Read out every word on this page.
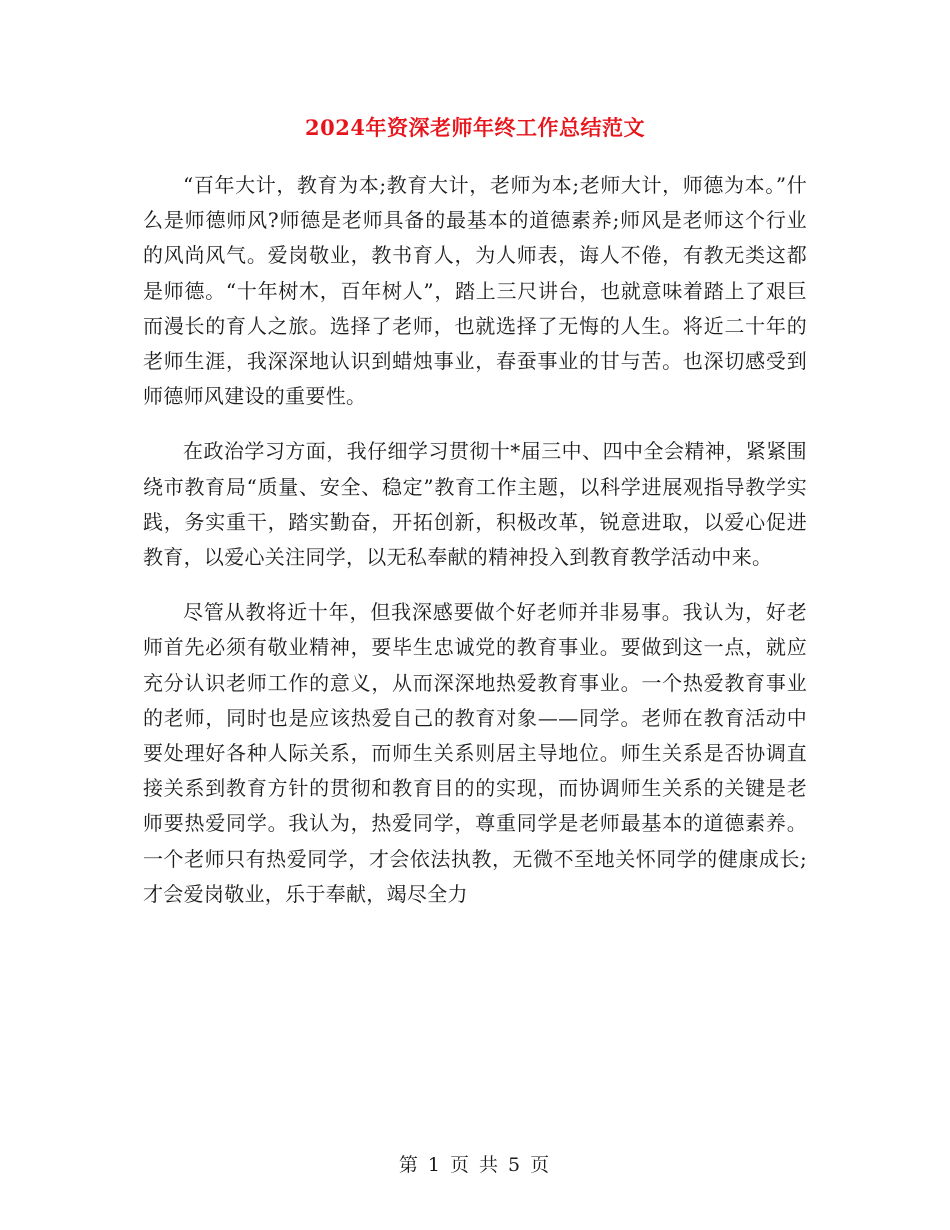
2024年资深老师年终工作总结范文

“百年大计，教育为本;教育大计，老师为本;老师大计，师德为本。”什么是师德师风?师德是老师具备的最基本的道德素养;师风是老师这个行业的风尚风气。爱岗敬业，教书育人，为人师表，诲人不倦，有教无类这都是师德。“十年树木，百年树人”，踏上三尺讲台，也就意味着踏上了艰巨而漫长的育人之旅。选择了老师，也就选择了无悔的人生。将近二十年的老师生涯，我深深地认识到蜡烛事业，春蚕事业的甘与苦。也深切感受到师德师风建设的重要性。

在政治学习方面，我仔细学习贯彻十*届三中、四中全会精神，紧紧围绕市教育局“质量、安全、稳定”教育工作主题，以科学进展观指导教学实践，务实重干，踏实勤奋，开拓创新，积极改革，锐意进取，以爱心促进教育，以爱心关注同学，以无私奉献的精神投入到教育教学活动中来。

尽管从教将近十年，但我深感要做个好老师并非易事。我认为，好老师首先必须有敬业精神，要毕生忠诚党的教育事业。要做到这一点，就应充分认识老师工作的意义，从而深深地热爱教育事业。一个热爱教育事业的老师，同时也是应该热爱自己的教育对象——同学。老师在教育活动中要处理好各种人际关系，而师生关系则居主导地位。师生关系是否协调直接关系到教育方针的贯彻和教育目的的实现，而协调师生关系的关键是老师要热爱同学。我认为，热爱同学，尊重同学是老师最基本的道德素养。一个老师只有热爱同学，才会依法执教，无微不至地关怀同学的健康成长;才会爱岗敬业，乐于奉献，竭尽全力

第 1 页 共 5 页
